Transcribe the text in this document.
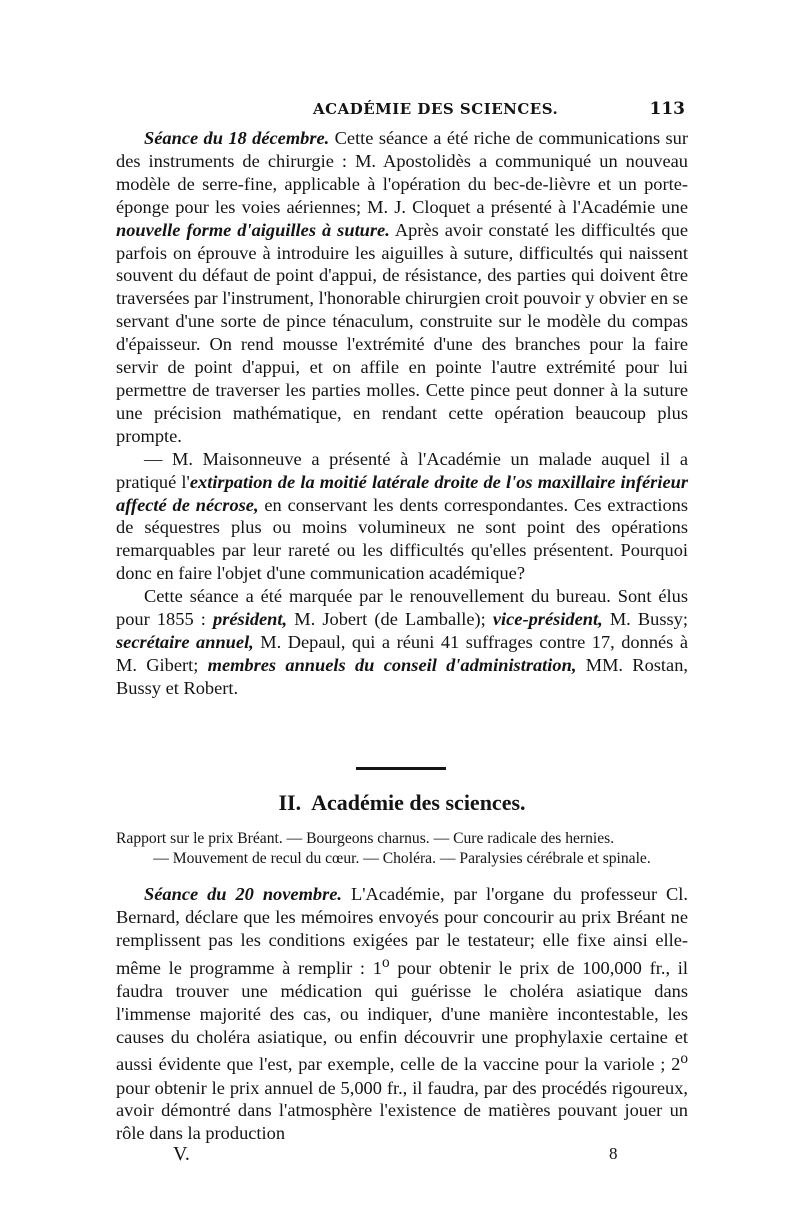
ACADÉMIE DES SCIENCES.	113

Séance du 18 décembre. Cette séance a été riche de communications sur des instruments de chirurgie : M. Apostolidès a communiqué un nouveau modèle de serre-fine, applicable à l'opération du bec-de-lièvre et un porte-éponge pour les voies aériennes; M. J. Cloquet a présenté à l'Académie une nouvelle forme d'aiguilles à suture. Après avoir constaté les difficultés que parfois on éprouve à introduire les aiguilles à suture, difficultés qui naissent souvent du défaut de point d'appui, de résistance, des parties qui doivent être traversées par l'instrument, l'honorable chirurgien croit pouvoir y obvier en se servant d'une sorte de pince ténaculum, construite sur le modèle du compas d'épaisseur. On rend mousse l'extrémité d'une des branches pour la faire servir de point d'appui, et on affile en pointe l'autre extrémité pour lui permettre de traverser les parties molles. Cette pince peut donner à la suture une précision mathématique, en rendant cette opération beaucoup plus prompte.

— M. Maisonneuve a présenté à l'Académie un malade auquel il a pratiqué l'extirpation de la moitié latérale droite de l'os maxillaire inférieur affecté de nécrose, en conservant les dents correspondantes. Ces extractions de séquestres plus ou moins volumineux ne sont point des opérations remarquables par leur rareté ou les difficultés qu'elles présentent. Pourquoi donc en faire l'objet d'une communication académique?

Cette séance a été marquée par le renouvellement du bureau. Sont élus pour 1855 : président, M. Jobert (de Lamballe); vice-président, M. Bussy; secrétaire annuel, M. Depaul, qui a réuni 41 suffrages contre 17, donnés à M. Gibert; membres annuels du conseil d'administration, MM. Rostan, Bussy et Robert.

II. Académie des sciences.

Rapport sur le prix Bréant. — Bourgeons charnus. — Cure radicale des hernies.

— Mouvement de recul du cœur. — Choléra. — Paralysies cérébrale et spinale.

Séance du 20 novembre. L'Académie, par l'organe du professeur Cl. Bernard, déclare que les mémoires envoyés pour concourir au prix Bréant ne remplissent pas les conditions exigées par le testateur; elle fixe ainsi elle-même le programme à remplir : 1$^o$ pour obtenir le prix de 100,000 fr., il faudra trouver une médication qui guérisse le choléra asiatique dans l'immense majorité des cas, ou indiquer, d'une manière incontestable, les causes du choléra asiatique, ou enfin découvrir une prophylaxie certaine et aussi évidente que l'est, par exemple, celle de la vaccine pour la variole ; 2$^o$ pour obtenir le prix annuel de 5,000 fr., il faudra, par des procédés rigoureux, avoir démontré dans l'atmosphère l'existence de matières pouvant jouer un rôle dans la production

V.	8
